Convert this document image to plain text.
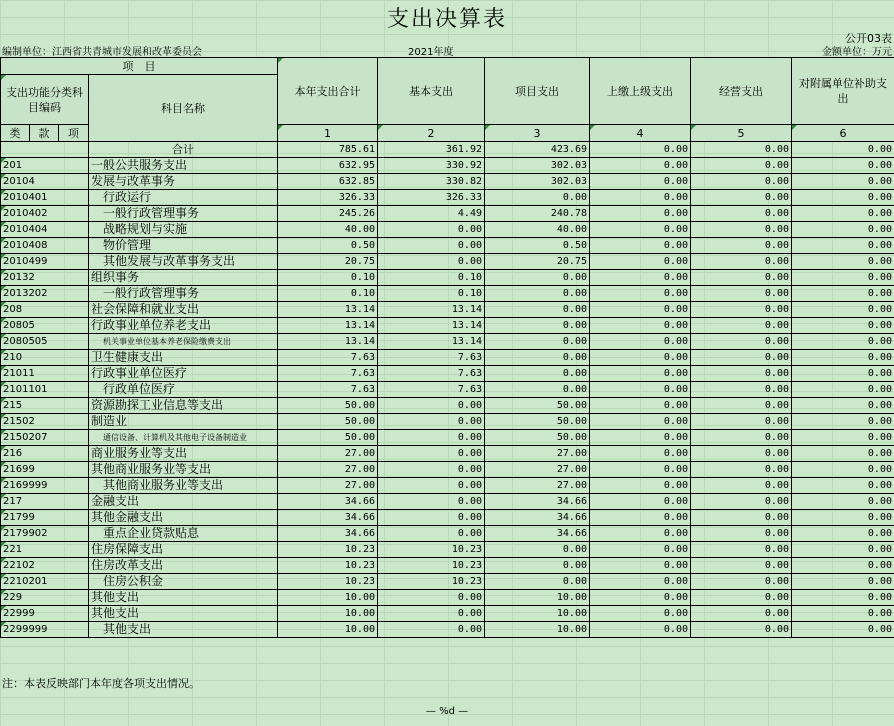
支出决算表
公开03表
编制单位：江西省共青城市发展和改革委员会	2021年度	金额单位：万元
项　目				本年支出合计	基本支出	项目支出	上缴上级支出	经营支出	对附属单位补助支出
支出功能分类科目编码			科目名称						
类	款	项		1	2	3	4	5	6
			合计	785.61	361.92	423.69	0.00	0.00	0.00
201			一般公共服务支出	632.95	330.92	302.03	0.00	0.00	0.00
20104			发展与改革事务	632.85	330.82	302.03	0.00	0.00	0.00
2010401			行政运行	326.33	326.33	0.00	0.00	0.00	0.00
2010402			一般行政管理事务	245.26	4.49	240.78	0.00	0.00	0.00
2010404			战略规划与实施	40.00	0.00	40.00	0.00	0.00	0.00
2010408			物价管理	0.50	0.00	0.50	0.00	0.00	0.00
2010499			其他发展与改革事务支出	20.75	0.00	20.75	0.00	0.00	0.00
20132			组织事务	0.10	0.10	0.00	0.00	0.00	0.00
2013202			一般行政管理事务	0.10	0.10	0.00	0.00	0.00	0.00
208			社会保障和就业支出	13.14	13.14	0.00	0.00	0.00	0.00
20805			行政事业单位养老支出	13.14	13.14	0.00	0.00	0.00	0.00
2080505			机关事业单位基本养老保险缴费支出	13.14	13.14	0.00	0.00	0.00	0.00
210			卫生健康支出	7.63	7.63	0.00	0.00	0.00	0.00
21011			行政事业单位医疗	7.63	7.63	0.00	0.00	0.00	0.00
2101101			行政单位医疗	7.63	7.63	0.00	0.00	0.00	0.00
215			资源勘探工业信息等支出	50.00	0.00	50.00	0.00	0.00	0.00
21502			制造业	50.00	0.00	50.00	0.00	0.00	0.00
2150207			通信设备、计算机及其他电子设备制造业	50.00	0.00	50.00	0.00	0.00	0.00
216			商业服务业等支出	27.00	0.00	27.00	0.00	0.00	0.00
21699			其他商业服务业等支出	27.00	0.00	27.00	0.00	0.00	0.00
2169999			其他商业服务业等支出	27.00	0.00	27.00	0.00	0.00	0.00
217			金融支出	34.66	0.00	34.66	0.00	0.00	0.00
21799			其他金融支出	34.66	0.00	34.66	0.00	0.00	0.00
2179902			重点企业贷款贴息	34.66	0.00	34.66	0.00	0.00	0.00
221			住房保障支出	10.23	10.23	0.00	0.00	0.00	0.00
22102			住房改革支出	10.23	10.23	0.00	0.00	0.00	0.00
2210201			住房公积金	10.23	10.23	0.00	0.00	0.00	0.00
229			其他支出	10.00	0.00	10.00	0.00	0.00	0.00
22999			其他支出	10.00	0.00	10.00	0.00	0.00	0.00
2299999			其他支出	10.00	0.00	10.00	0.00	0.00	0.00
注：本表反映部门本年度各项支出情况。
— %d —
